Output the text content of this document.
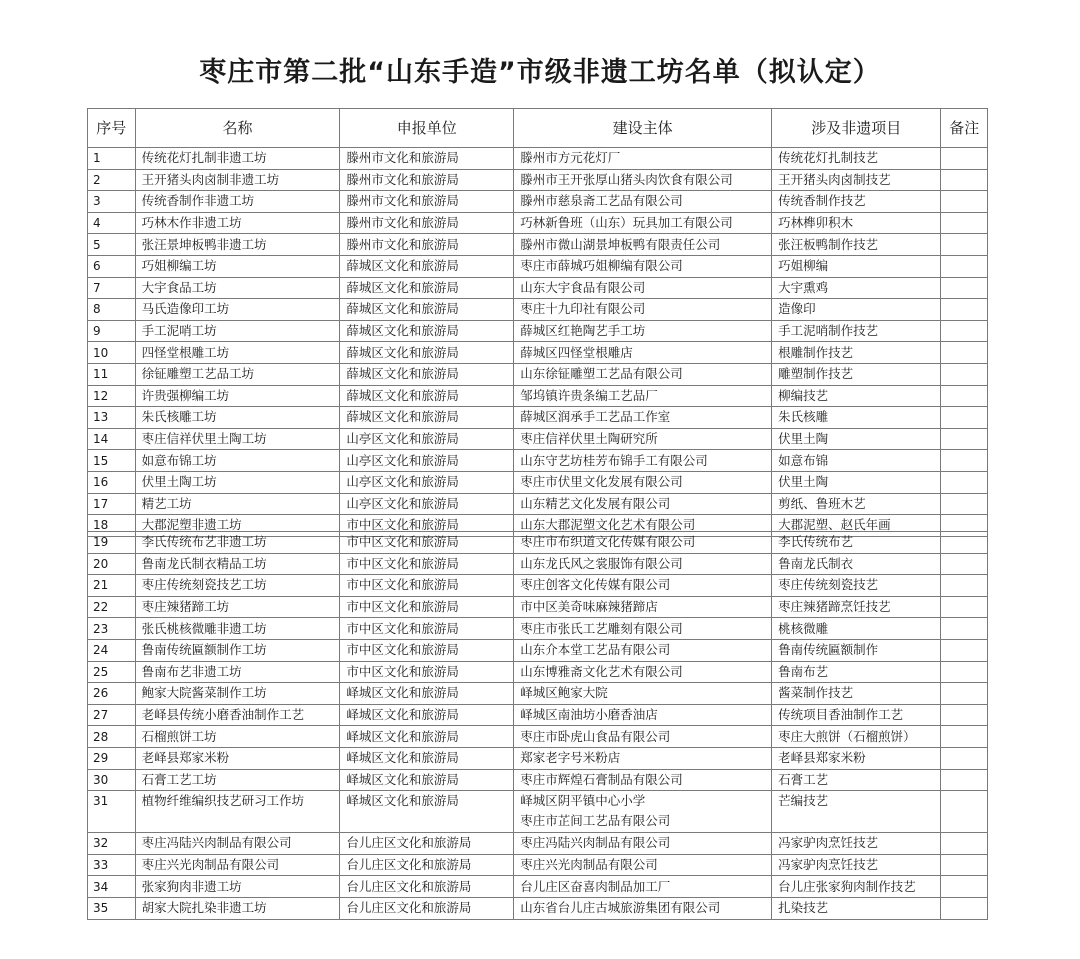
枣庄市第二批“山东手造”市级非遗工坊名单（拟认定）
序号	名称	申报单位	建设主体	涉及非遗项目	备注
1	传统花灯扎制非遗工坊	滕州市文化和旅游局	滕州市方元花灯厂	传统花灯扎制技艺	
2	王开猪头肉卤制非遗工坊	滕州市文化和旅游局	滕州市王开张厚山猪头肉饮食有限公司	王开猪头肉卤制技艺	
3	传统香制作非遗工坊	滕州市文化和旅游局	滕州市慈泉斋工艺品有限公司	传统香制作技艺	
4	巧林木作非遗工坊	滕州市文化和旅游局	巧林新鲁班（山东）玩具加工有限公司	巧林榫卯积木	
5	张汪景坤板鸭非遗工坊	滕州市文化和旅游局	滕州市微山湖景坤板鸭有限责任公司	张汪板鸭制作技艺	
6	巧姐柳编工坊	薛城区文化和旅游局	枣庄市薛城巧姐柳编有限公司	巧姐柳编	
7	大宇食品工坊	薛城区文化和旅游局	山东大宇食品有限公司	大宇熏鸡	
8	马氏造像印工坊	薛城区文化和旅游局	枣庄十九印社有限公司	造像印	
9	手工泥哨工坊	薛城区文化和旅游局	薛城区红艳陶艺手工坊	手工泥哨制作技艺	
10	四怪堂根雕工坊	薛城区文化和旅游局	薛城区四怪堂根雕店	根雕制作技艺	
11	徐钲雕塑工艺品工坊	薛城区文化和旅游局	山东徐钲雕塑工艺品有限公司	雕塑制作技艺	
12	许贵强柳编工坊	薛城区文化和旅游局	邹坞镇许贵条编工艺品厂	柳编技艺	
13	朱氏核雕工坊	薛城区文化和旅游局	薛城区润承手工艺品工作室	朱氏核雕	
14	枣庄信祥伏里土陶工坊	山亭区文化和旅游局	枣庄信祥伏里土陶研究所	伏里土陶	
15	如意布锦工坊	山亭区文化和旅游局	山东守艺坊桂芳布锦手工有限公司	如意布锦	
16	伏里土陶工坊	山亭区文化和旅游局	枣庄市伏里文化发展有限公司	伏里土陶	
17	精艺工坊	山亭区文化和旅游局	山东精艺文化发展有限公司	剪纸、鲁班木艺	
18	大郡泥塑非遗工坊	市中区文化和旅游局	山东大郡泥塑文化艺术有限公司	大郡泥塑、赵氏年画	
19	李氏传统布艺非遗工坊	市中区文化和旅游局	枣庄市布织道文化传媒有限公司	李氏传统布艺	
20	鲁南龙氏制衣精品工坊	市中区文化和旅游局	山东龙氏风之裳服饰有限公司	鲁南龙氏制衣	
21	枣庄传统刻瓷技艺工坊	市中区文化和旅游局	枣庄创客文化传媒有限公司	枣庄传统刻瓷技艺	
22	枣庄辣猪蹄工坊	市中区文化和旅游局	市中区美奇味麻辣猪蹄店	枣庄辣猪蹄烹饪技艺	
23	张氏桃核微雕非遗工坊	市中区文化和旅游局	枣庄市张氏工艺雕刻有限公司	桃核微雕	
24	鲁南传统匾额制作工坊	市中区文化和旅游局	山东介本堂工艺品有限公司	鲁南传统匾额制作	
25	鲁南布艺非遗工坊	市中区文化和旅游局	山东博雅斋文化艺术有限公司	鲁南布艺	
26	鲍家大院酱菜制作工坊	峄城区文化和旅游局	峄城区鲍家大院	酱菜制作技艺	
27	老峄县传统小磨香油制作工艺	峄城区文化和旅游局	峄城区南油坊小磨香油店	传统项目香油制作工艺	
28	石榴煎饼工坊	峄城区文化和旅游局	枣庄市卧虎山食品有限公司	枣庄大煎饼（石榴煎饼）	
29	老峄县郑家米粉	峄城区文化和旅游局	郑家老字号米粉店	老峄县郑家米粉	
30	石膏工艺工坊	峄城区文化和旅游局	枣庄市辉煌石膏制品有限公司	石膏工艺	
31	植物纤维编织技艺研习工作坊	峄城区文化和旅游局	峄城区阴平镇中心小学
枣庄市芷间工艺品有限公司	芒编技艺	
32	枣庄冯陆兴肉制品有限公司	台儿庄区文化和旅游局	枣庄冯陆兴肉制品有限公司	冯家驴肉烹饪技艺	
33	枣庄兴光肉制品有限公司	台儿庄区文化和旅游局	枣庄兴光肉制品有限公司	冯家驴肉烹饪技艺	
34	张家狗肉非遗工坊	台儿庄区文化和旅游局	台儿庄区奋喜肉制品加工厂	台儿庄张家狗肉制作技艺	
35	胡家大院扎染非遗工坊	台儿庄区文化和旅游局	山东省台儿庄古城旅游集团有限公司	扎染技艺	
